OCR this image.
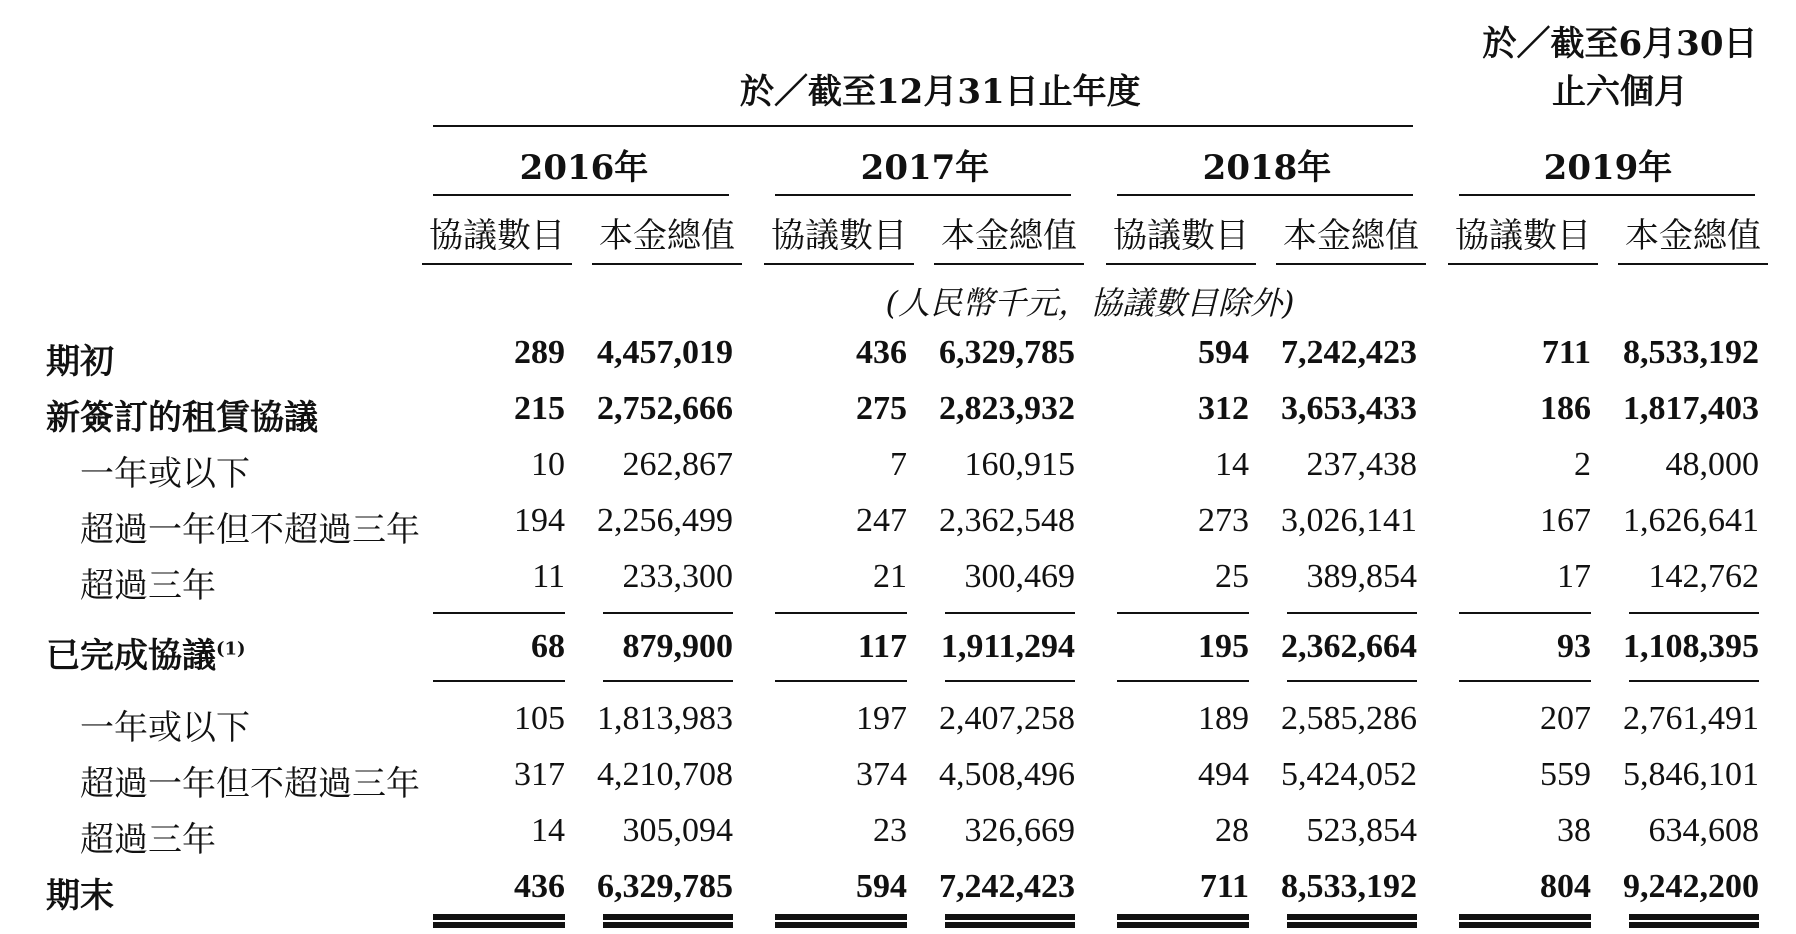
於／截至12月31日止年度
於／截至6月30日
止六個月
2016年	2017年	2018年	2019年
協議數目 本金總值 協議數目 本金總值 協議數目 本金總值 協議數目 本金總值
(人民幣千元，協議數目除外)
期初	289 4,457,019	436 6,329,785	594 7,242,423	711 8,533,192
新簽訂的租賃協議	215 2,752,666	275 2,823,932	312 3,653,433	186 1,817,403
一年或以下	10	262,867	7	160,915	14	237,438	2	48,000
超過一年但不超過三年	194 2,256,499	247 2,362,548	273 3,026,141	167 1,626,641
超過三年	11	233,300	21	300,469	25	389,854	17	142,762
已完成協議$^{(1)}$	68	879,900	117 1,911,294	195 2,362,664	93 1,108,395
一年或以下	105 1,813,983	197 2,407,258	189 2,585,286	207 2,761,491
超過一年但不超過三年	317 4,210,708	374 4,508,496	494 5,424,052	559 5,846,101
超過三年	14	305,094	23	326,669	28	523,854	38	634,608
期末	436 6,329,785	594 7,242,423	711 8,533,192	804 9,242,200
